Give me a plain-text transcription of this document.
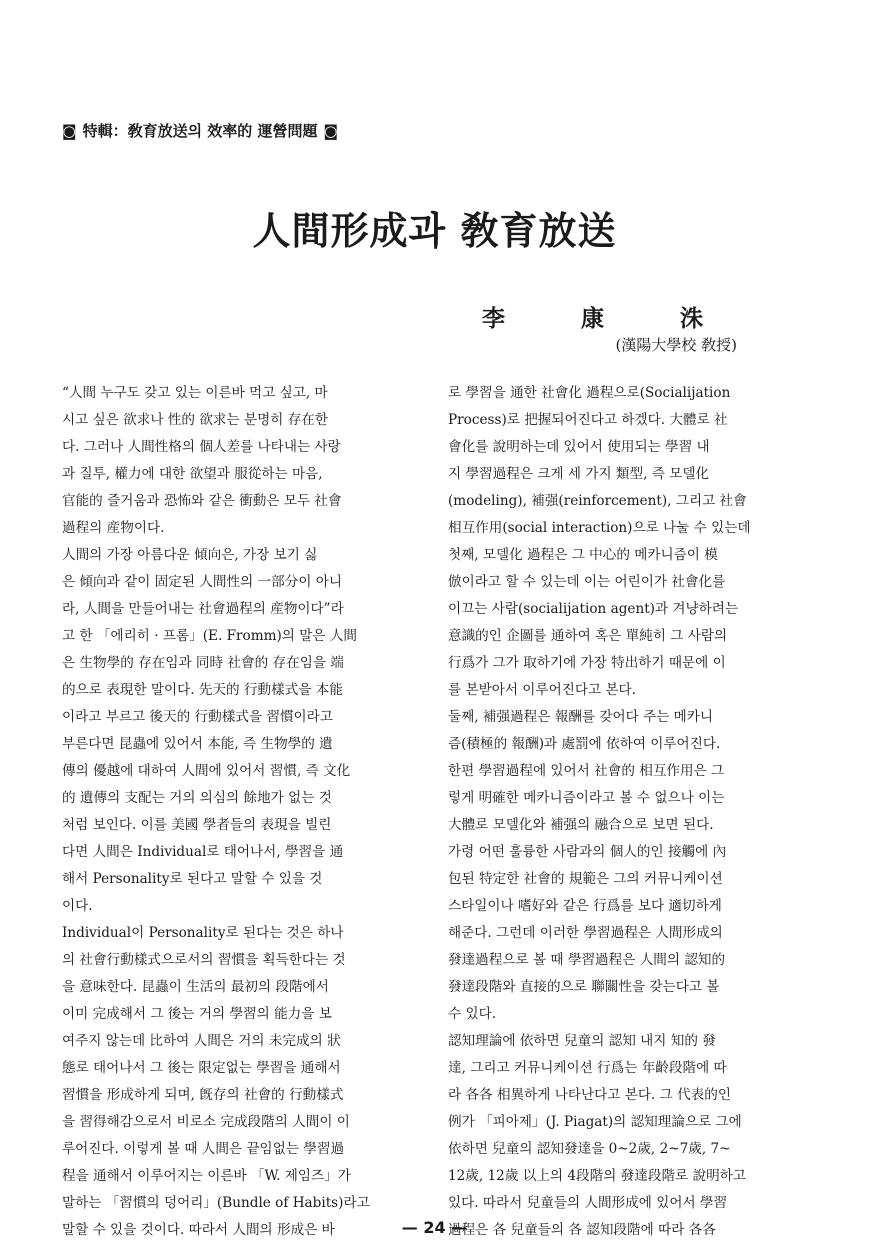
◙ 特輯：敎育放送의 效率的 運營問題 ◙
人間形成과 敎育放送
李 康 洙
(漢陽大學校 敎授)
“人間 누구도 갖고 있는 이른바 먹고 싶고, 마
시고 싶은 欲求나 性的 欲求는 분명히 存在한
다. 그러나 人間性格의 個人差를 나타내는 사랑
과 질투, 權力에 대한 欲望과 服從하는 마음,
官能的 즐거움과 恐怖와 같은 衝動은 모두 社會
過程의 産物이다.
人間의 가장 아름다운 傾向은, 가장 보기 싫
은 傾向과 같이 固定된 人間性의 一部分이 아니
라, 人間을 만들어내는 社會過程의 産物이다”라
고 한 「에리히 · 프롬」(E. Fromm)의 말은 人間
은 生物學的 存在임과 同時 社會的 存在임을 端
的으로 表現한 말이다. 先天的 行動樣式을 本能
이라고 부르고 後天的 行動樣式을 習慣이라고
부른다면 昆蟲에 있어서 本能, 즉 生物學的 遺
傳의 優越에 대하여 人間에 있어서 習慣, 즉 文化
的 遺傳의 支配는 거의 의심의 餘地가 없는 것
처럼 보인다. 이를 美國 學者들의 表現을 빌린
다면 人間은 Individual로 태어나서, 學習을 通
해서 Personality로 된다고 말할 수 있을 것
이다.
Individual이 Personality로 된다는 것은 하나
의 社會行動樣式으로서의 習慣을 획득한다는 것
을 意味한다. 昆蟲이 生活의 最初의 段階에서
이미 完成해서 그 後는 거의 學習의 能力을 보
여주지 않는데 比하여 人間은 거의 未完成의 狀
態로 태어나서 그 後는 限定없는 學習을 通해서
習慣을 形成하게 되며, 旣存의 社會的 行動樣式
을 習得해감으로서 비로소 完成段階의 人間이 이
루어진다. 이렇게 볼 때 人間은 끝임없는 學習過
程을 通해서 이루어지는 이른바 「W. 제임즈」가
말하는 「習慣의 덩어리」(Bundle of Habits)라고
말할 수 있을 것이다. 따라서 人間의 形成은 바
로 學習을 通한 社會化 過程으로(Socialijation
Process)로 把握되어진다고 하겠다. 大體로 社
會化를 說明하는데 있어서 使用되는 學習 내
지 學習過程은 크게 세 가지 類型, 즉 모델化
(modeling), 補强(reinforcement), 그리고 社會
相互作用(social interaction)으로 나눌 수 있는데
첫째, 모델化 過程은 그 中心的 메카니즘이 模
倣이라고 할 수 있는데 이는 어린이가 社會化를
이끄는 사람(socialijation agent)과 겨냥하려는
意識的인 企圖를 通하여 혹은 單純히 그 사람의
行爲가 그가 取하기에 가장 特出하기 때문에 이
를 본받아서 이루어진다고 본다.
둘째, 補强過程은 報酬를 갖어다 주는 메카니
즘(積極的 報酬)과 處罰에 依하여 이루어진다.
한편 學習過程에 있어서 社會的 相互作用은 그
렇게 明確한 메카니즘이라고 볼 수 없으나 이는
大體로 모델化와 補强의 融合으로 보면 된다.
가령 어떤 훌륭한 사람과의 個人的인 接觸에 內
包된 特定한 社會的 規範은 그의 커뮤니케이션
스타일이나 嗜好와 같은 行爲를 보다 適切하게
해준다. 그런데 이러한 學習過程은 人間形成의
發達過程으로 볼 때 學習過程은 人間의 認知的
發達段階와 直接的으로 聯關性을 갖는다고 볼
수 있다.
認知理論에 依하면 兒童의 認知 내지 知的 發
達, 그리고 커뮤니케이션 行爲는 年齡段階에 따
라 各各 相異하게 나타난다고 본다. 그 代表的인
例가 「피아제」(J. Piagat)의 認知理論으로 그에
依하면 兒童의 認知發達을 0~2歲, 2~7歲, 7~
12歲, 12歲 以上의 4段階의 發達段階로 說明하고
있다. 따라서 兒童들의 人間形成에 있어서 學習
過程은 各 兒童들의 各 認知段階에 따라 各各
— 24 —
